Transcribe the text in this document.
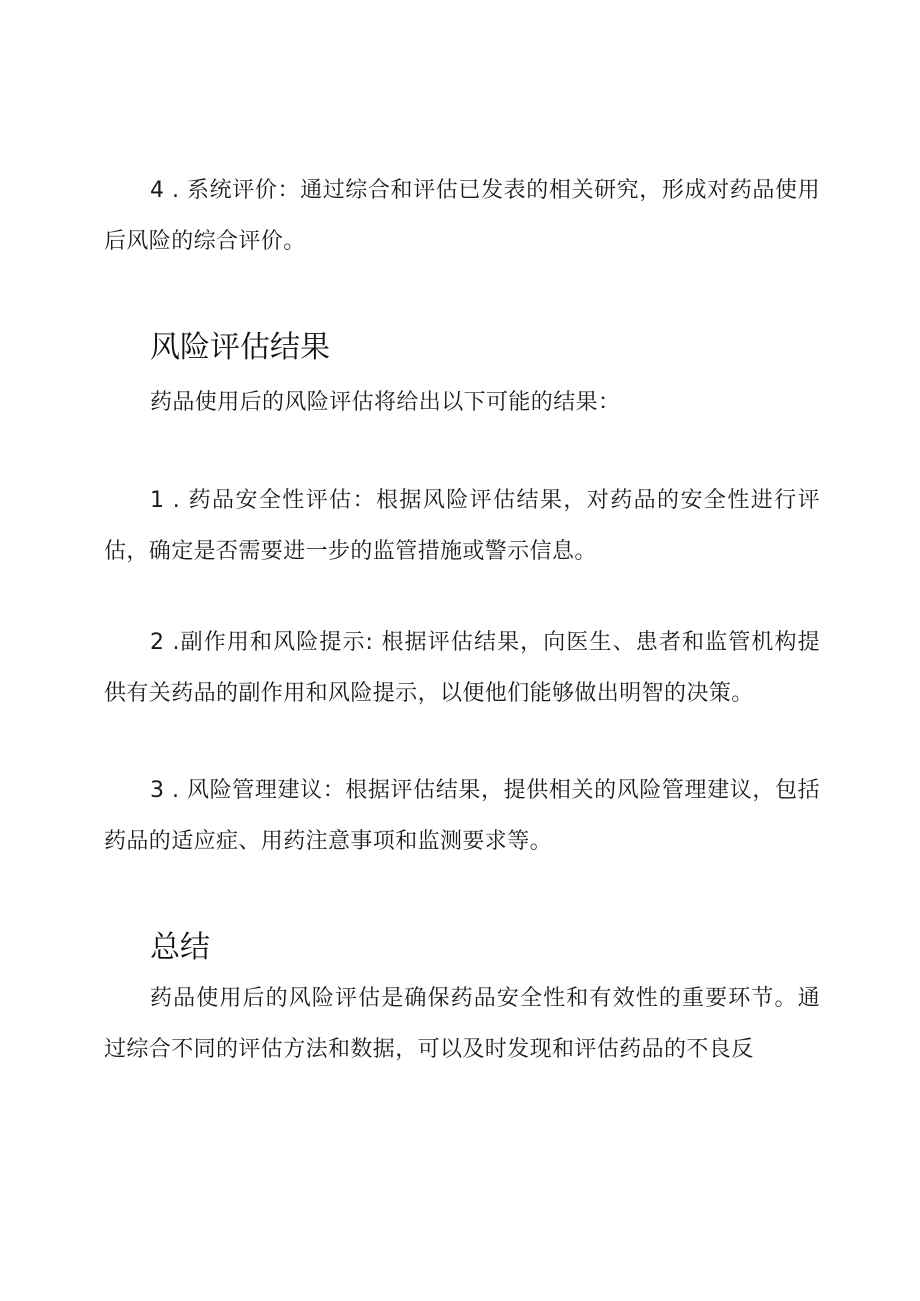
4 . 系统评价：通过综合和评估已发表的相关研究，形成对药品使用后风险的综合评价。

风险评估结果

药品使用后的风险评估将给出以下可能的结果：

1 . 药品安全性评估：根据风险评估结果，对药品的安全性进行评估，确定是否需要进一步的监管措施或警示信息。

2 .副作用和风险提示: 根据评估结果，向医生、患者和监管机构提供有关药品的副作用和风险提示，以便他们能够做出明智的决策。

3 . 风险管理建议：根据评估结果，提供相关的风险管理建议，包括药品的适应症、用药注意事项和监测要求等。

总结

药品使用后的风险评估是确保药品安全性和有效性的重要环节。通过综合不同的评估方法和数据，可以及时发现和评估药品的不良反
